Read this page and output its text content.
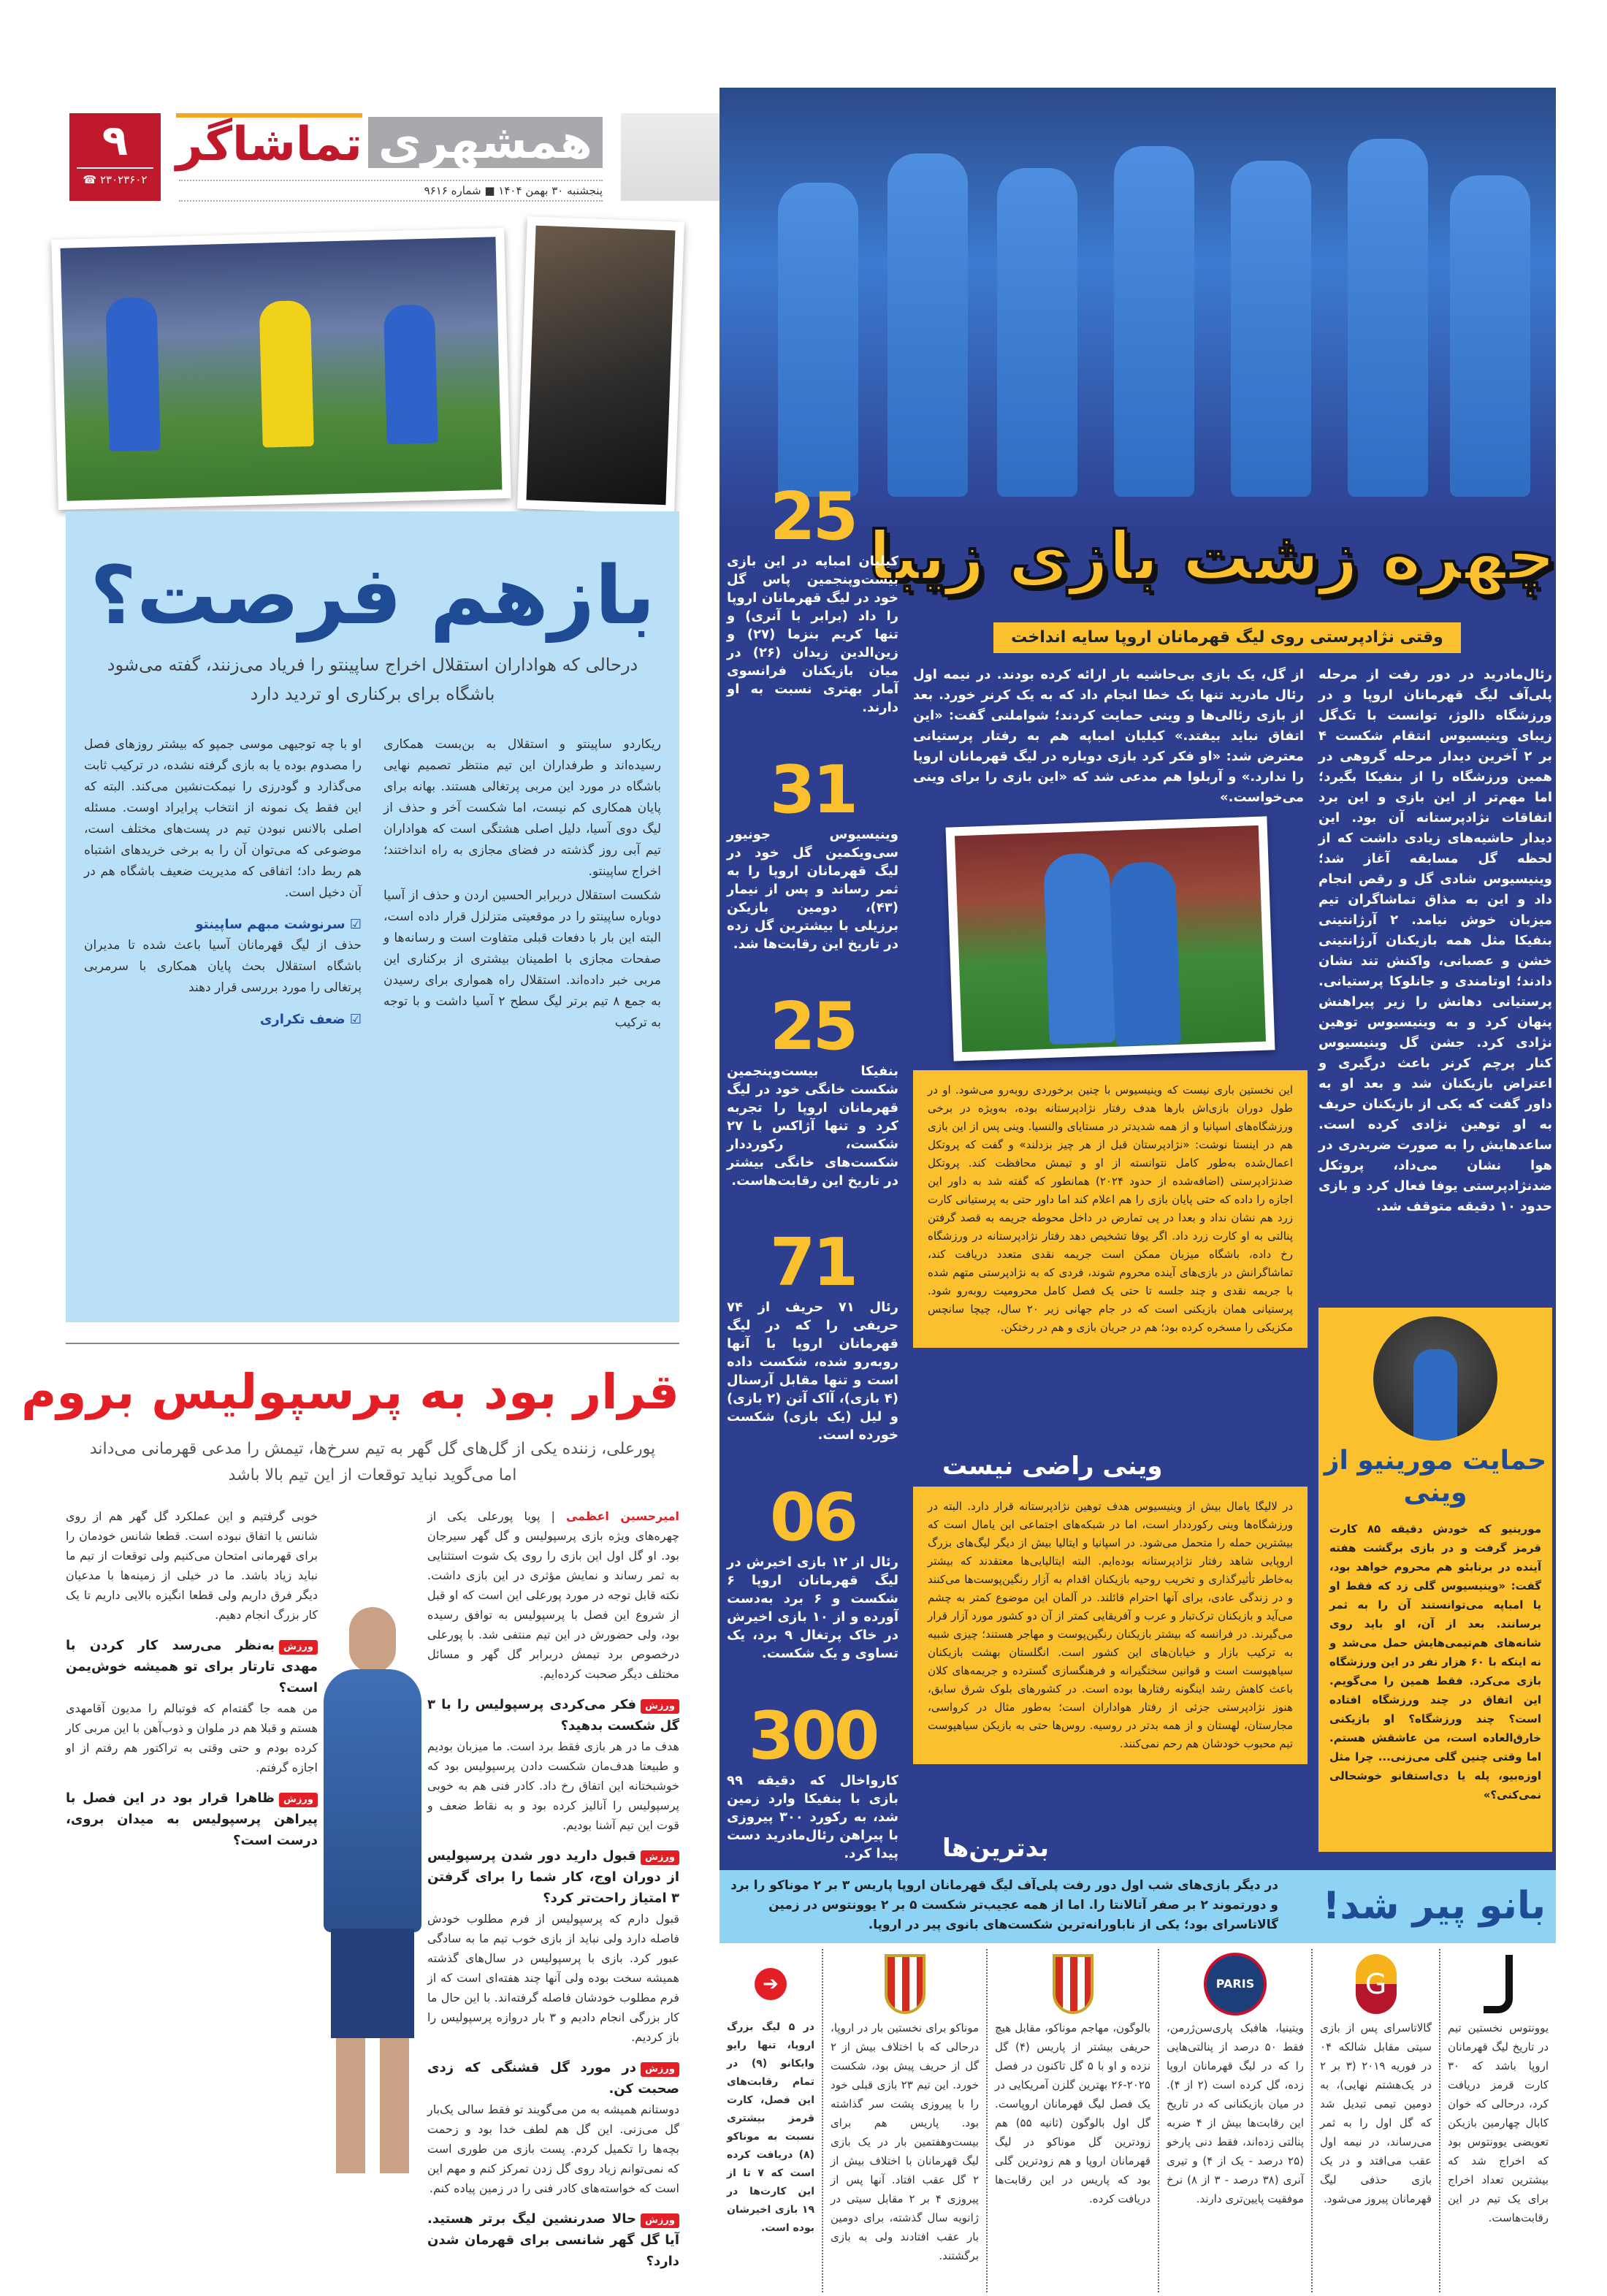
۹
☎ ۲۳۰۲۳۶۰۲
همشهری
تماشاگر
پنجشنبه ۳۰ بهمن ۱۴۰۴ ■ شماره ۹۶۱۶
بازهم فرصت؟
درحالی که هواداران استقلال اخراج ساپینتو را فریاد می‌زنند، گفته می‌شود باشگاه برای برکناری او تردید دارد

ریکاردو ساپینتو و استقلال به بن‌بست همکاری رسیده‌اند و طرفداران این تیم منتظر تصمیم نهایی باشگاه در مورد این مربی پرتغالی هستند. بهانه برای پایان همکاری کم نیست، اما شکست آخر و حذف از لیگ دوی آسیا، دلیل اصلی هشتگی است که هواداران تیم آبی روز گذشته در فضای مجازی به راه انداختند؛ اخراج ساپینتو.

شکست استقلال دربرابر الحسین اردن و حذف از آسیا دوباره ساپینتو را در موقعیتی متزلزل قرار داده است، البته این بار با دفعات قبلی متفاوت است و رسانه‌ها و صفحات مجازی با اطمینان بیشتری از برکناری این مربی خبر داده‌اند. استقلال راه همواری برای رسیدن به جمع ۸ تیم برتر لیگ سطح ۲ آسیا داشت و با توجه به ترکیب

او با چه توجیهی موسی جمپو که بیشتر روزهای فصل را مصدوم بوده یا به بازی گرفته نشده، در ترکیب ثابت می‌گذارد و گودرزی را نیمکت‌نشین می‌کند. البته که این فقط یک نمونه از انتخاب پرایراد اوست. مسئله اصلی بالانس نبودن تیم در پست‌های مختلف است، موضوعی که می‌توان آن را به برخی خریدهای اشتباه هم ربط داد؛ اتفاقی که مدیریت ضعیف باشگاه هم در آن دخیل است.

☑ سرنوشت مبهم ساپینتو

حذف از لیگ قهرمانان آسیا باعث شده تا مدیران باشگاه استقلال بحث پایان همکاری با سرمربی پرتغالی را مورد بررسی قرار دهند

☑ ضعف تکراری
قرار بود به پرسپولیس بروم
پورعلی، زننده یکی از گل‌های گل گهر به تیم سرخ‌ها، تیمش را مدعی قهرمانی می‌داند اما می‌گوید نباید توقعات از این تیم بالا باشد

امیرحسین اعظمی | پویا پورعلی یکی از چهره‌های ویژه بازی پرسپولیس و گل گهر سیرجان بود. او گل اول این بازی را روی یک شوت استثنایی به ثمر رساند و نمایش مؤثری در این بازی داشت. نکته قابل توجه در مورد پورعلی این است که او قبل از شروع این فصل با پرسپولیس به توافق رسیده بود، ولی حضورش در این تیم منتفی شد. با پورعلی درخصوص برد تیمش دربرابر گل گهر و مسائل مختلف دیگر صحبت کرده‌ایم.

ورزشفکر می‌کردی پرسپولیس را با ۳ گل شکست بدهید؟

هدف ما در هر بازی فقط برد است. ما میزبان بودیم و طبیعتا هدف‌مان شکست دادن پرسپولیس بود که خوشبختانه این اتفاق رخ داد. کادر فنی هم به خوبی پرسپولیس را آنالیز کرده بود و به نقاط ضعف و قوت این تیم آشنا بودیم.

ورزشقبول دارید دور شدن پرسپولیس از دوران اوج، کار شما را برای گرفتن ۳ امتیاز راحت‌تر کرد؟

قبول دارم که پرسپولیس از فرم مطلوب خودش فاصله دارد ولی نباید از بازی خوب تیم ما به سادگی عبور کرد. بازی با پرسپولیس در سال‌های گذشته همیشه سخت بوده ولی آنها چند هفته‌ای است که از فرم مطلوب خودشان فاصله گرفته‌اند. با این حال ما کار بزرگی انجام دادیم و ۳ بار دروازه پرسپولیس را باز کردیم.

ورزشدر مورد گل قشنگی که زدی صحبت کن.

دوستانم همیشه به من می‌گویند تو فقط سالی یک‌بار گل می‌زنی. این گل هم لطف خدا بود و زحمت بچه‌ها را تکمیل کردم. پست بازی من طوری است که نمی‌توانم زیاد روی گل زدن تمرکز کنم و مهم این است که خواسته‌های کادر فنی را در زمین پیاده کنم.

ورزشحالا صدرنشین لیگ برتر هستید. آیا گل گهر شانسی برای قهرمان شدن دارد؟

خوبی گرفتیم و این عملکرد گل گهر هم از روی شانس یا اتفاق نبوده است. قطعا شانس خودمان را برای قهرمانی امتحان می‌کنیم ولی توقعات از تیم ما نباید زیاد باشد. ما در خیلی از زمینه‌ها با مدعیان دیگر فرق داریم ولی قطعا انگیزه بالایی داریم تا یک کار بزرگ انجام دهیم.

ورزشبه‌نظر می‌رسد کار کردن با مهدی تارتار برای تو همیشه خوش‌یمن است؟

من همه جا گفته‌ام که فوتبالم را مدیون آقامهدی هستم و قبلا هم در ملوان و ذوب‌آهن با این مربی کار کرده بودم و حتی وقتی به تراکتور هم رفتم از او اجازه گرفتم.

ورزشظاهرا قرار بود در این فصل با پیراهن پرسپولیس به میدان بروی، درست است؟
چهره زشت بازی زیبا
وقتی نژادپرستی روی لیگ قهرمانان اروپا سایه انداخت
25
کیلیان امباپه در این بازی بیست‌وپنجمین پاس گل خود در لیگ قهرمانان اروپا را داد (برابر با آنری) و تنها کریم بنزما (۲۷) و زین‌الدین زیدان (۲۶) در میان بازیکنان فرانسوی آمار بهتری نسبت به او دارند.
31
وینیسیوس جونیور سی‌ویکمین گل خود در لیگ قهرمانان اروپا را به ثمر رساند و پس از نیمار (۴۳)، دومین بازیکن برزیلی با بیشترین گل زده در تاریخ این رقابت‌ها شد.
25
بنفیکا بیست‌وپنجمین شکست خانگی خود در لیگ قهرمانان اروپا را تجربه کرد و تنها آژاکس با ۲۷ شکست، رکورددار شکست‌های خانگی بیشتر در تاریخ این رقابت‌هاست.
71
رئال ۷۱ حریف از ۷۴ حریفی را که در لیگ قهرمانان اروپا با آنها روبه‌رو شده، شکست داده است و تنها مقابل آرسنال (۴ بازی)، آاک آتن (۲ بازی) و لیل (یک بازی) شکست خورده است.
06
رئال از ۱۲ بازی اخیرش در لیگ قهرمانان اروپا ۶ شکست و ۶ برد به‌دست آورده و از ۱۰ بازی اخیرش در خاک پرتغال ۹ برد، یک تساوی و یک شکست.
300
کارواخال که دقیقه ۹۹ بازی با بنفیکا وارد زمین شد، به رکورد ۳۰۰ پیروزی با پیراهن رئال‌مادرید دست پیدا کرد.
رئال‌مادرید در دور رفت از مرحله پلی‌آف لیگ قهرمانان اروپا و در ورزشگاه دالوژ، توانست با تک‌گل زیبای وینیسیوس انتقام شکست ۴ بر ۲ آخرین دیدار مرحله گروهی در همین ورزشگاه را از بنفیکا بگیرد؛ اما مهم‌تر از این بازی و این برد اتفاقات نژادپرستانه آن بود. این دیدار حاشیه‌های زیادی داشت که از لحظه گل مسابقه آغاز شد؛ وینیسیوس شادی گل و رقص انجام داد و این به مذاق تماشاگران تیم میزبان خوش نیامد. ۲ آرژانتینی بنفیکا مثل همه بازیکنان آرژانتینی خشن و عصبانی، واکنش تند نشان دادند؛ اوتامندی و جانلوکا پرستیانی. پرستیانی دهانش را زیر پیراهنش پنهان کرد و به وینیسیوس توهین نژادی کرد. جشن گل وینیسیوس کنار پرچم کرنر باعث درگیری و اعتراض بازیکنان شد و بعد او به داور گفت که یکی از بازیکنان حریف به او توهین نژادی کرده است. ساعدهایش را به صورت ضربدری در هوا نشان می‌داد، پروتکل ضدنژادپرستی یوفا فعال کرد و بازی حدود ۱۰ دقیقه متوقف شد.
از گل، یک بازی بی‌حاشیه بار ارائه کرده بودند. در نیمه اول رئال مادرید تنها یک خطا انجام داد که به یک کرنر خورد. بعد از بازی رئالی‌ها و وینی حمایت کردند؛ شواملنی گفت: «این اتفاق نباید بیفتد.» کیلیان امباپه هم به رفتار پرستیانی معترض شد: «او فکر کرد بازی دوباره در لیگ قهرمانان اروپا را ندارد.» و آربلوا هم مدعی شد که «این بازی را برای وینی می‌خواست.»
این نخستین باری نیست که وینیسیوس با چنین برخوردی روبه‌رو می‌شود. او در طول دوران بازی‌اش بارها هدف رفتار نژادپرستانه بوده، به‌ویژه در برخی ورزشگاه‌های اسپانیا و از همه شدیدتر در مستایای والنسیا. وینی پس از این بازی هم در اینستا نوشت: «نژادپرستان قبل از هر چیز بزدلند» و گفت که پروتکل اعمال‌شده به‌طور کامل نتوانسته از او و تیمش محافظت کند. پروتکل ضدنژادپرستی (اضافه‌شده از حدود ۲۰۲۴) همانطور که گفته شد به داور این اجازه را داده که حتی پایان بازی را هم اعلام کند اما داور حتی به پرستیانی کارت زرد هم نشان نداد و بعدا در پی تمارض در داخل محوطه جریمه به قصد گرفتن پنالتی به او کارت زرد داد. اگر یوفا تشخیص دهد رفتار نژادپرستانه در ورزشگاه رخ داده، باشگاه میزبان ممکن است جریمه نقدی متعدد دریافت کند، تماشاگرانش در بازی‌های آینده محروم شوند، فردی که به نژادپرستی متهم شده با جریمه نقدی و چند جلسه تا حتی یک فصل کامل محرومیت روبه‌رو شود. پرستیانی همان بازیکنی است که در جام جهانی زیر ۲۰ سال، چیچا سانچس مکزیکی را مسخره کرده بود؛ هم در جریان بازی و هم در رختکن.
وینی راضی نیست
در لالیگا یامال بیش از وینیسیوس هدف توهین نژادپرستانه قرار دارد. البته در ورزشگاه‌ها وینی رکورددار است، اما در شبکه‌های اجتماعی این یامال است که بیشترین حمله را متحمل می‌شود. در اسپانیا و ایتالیا بیش از دیگر لیگ‌های بزرگ اروپایی شاهد رفتار نژادپرستانه بوده‌ایم. البته ایتالیایی‌ها معتقدند که بیشتر به‌خاطر تأثیرگذاری و تخریب روحیه بازیکنان اقدام به آزار رنگین‌پوست‌ها می‌کنند و در زندگی عادی، برای آنها احترام قائلند. در آلمان این موضوع کمتر به چشم می‌آید و بازیکنان ترک‌تبار و عرب و آفریقایی کمتر از آن دو کشور مورد آزار قرار می‌گیرند. در فرانسه که بیشتر بازیکنان رنگین‌پوست و مهاجر هستند؛ چیزی شبیه به ترکیب بازار و خیابان‌های این کشور است. انگلستان بهشت بازیکنان سیاهپوست است و قوانین سختگیرانه و فرهنگسازی گسترده و جریمه‌های کلان باعث کاهش رشد اینگونه رفتارها بوده است. در کشورهای بلوک شرق سابق، هنوز نژادپرستی جزئی از رفتار هواداران است؛ به‌طور مثال در کرواسی، مجارستان، لهستان و از همه بدتر در روسیه. روس‌ها حتی به بازیکن سیاهپوست تیم محبوب خودشان هم رحم نمی‌کنند.
بدترین‌ها
حمایت مورینیو از وینی
مورینیو که خودش دقیقه ۸۵ کارت قرمز گرفت و در بازی برگشت هفته آینده در برنابئو هم محروم خواهد بود، گفت: «وینیسیوس گلی زد که فقط او یا امباپه می‌توانستند آن را به ثمر برسانند. بعد از آن، او باید روی شانه‌های هم‌تیمی‌هایش حمل می‌شد و نه اینکه با ۶۰ هزار نفر در این ورزشگاه بازی می‌کرد. فقط همین را می‌گویم. این اتفاق در چند ورزشگاه افتاده است؟ چند ورزشگاه؟ او بازیکنی خارق‌العاده است، من عاشقش هستم. اما وقتی چنین گلی می‌زنی... چرا مثل اوزه‌بیو، پله یا دی‌استفانو خوشحالی نمی‌کنی؟»
بانو پیر شد!
در دیگر بازی‌های شب اول دور رفت پلی‌آف لیگ قهرمانان اروپا پاریس ۳ بر ۲ موناکو را برد و دورتموند ۲ بر صفر آتالانتا را. اما از همه عجیب‌تر شکست ۵ بر ۲ یوونتوس در زمین گالاتاسرای بود؛ یکی از ناباورانه‌ترین شکست‌های بانوی پیر در اروپا.
یوونتوس نخستین تیم در تاریخ لیگ قهرمانان اروپا باشد که ۳۰ کارت قرمز دریافت کرد، درحالی که خوان کابال چهارمین بازیکن تعویضی یوونتوس بود که اخراج شد که بیشترین تعداد اخراج برای یک تیم در این رقابت‌هاست.
G
گالاتاسرای پس از بازی سیتی مقابل شالکه ۰۴ در فوریه ۲۰۱۹ (۳ بر ۲ در یک‌هشتم نهایی)، به دومین تیمی تبدیل شد که گل اول را به ثمر می‌رساند، در نیمه اول عقب می‌افتد و در یک بازی حذفی لیگ قهرمانان پیروز می‌شود.
PARIS
ویتینیا، هافبک پاری‌سن‌ژرمن، فقط ۵۰ درصد از پنالتی‌هایی را که در لیگ قهرمانان اروپا زده، گل کرده است (۲ از ۴). در میان بازیکنانی که در تاریخ این رقابت‌ها بیش از ۴ ضربه پنالتی زده‌اند، فقط دنی پارخو (۲۵ درصد - یک از ۴) و تیری آنری (۳۸ درصد - ۳ از ۸) نرخ موفقیت پایین‌تری دارند.
بالوگون، مهاجم موناکو، مقابل هیچ حریفی بیشتر از پاریس (۴) گل نزده و او با ۵ گل تاکنون در فصل ۲۰۲۵-۲۶ بهترین گلزن آمریکایی در یک فصل لیگ قهرمانان اروپاست. گل اول بالوگون (ثانیه ۵۵) هم زودترین گل موناکو در لیگ قهرمانان اروپا و هم زودترین گلی بود که پاریس در این رقابت‌ها دریافت کرده.
موناکو برای نخستین بار در اروپا، درحالی که با اختلاف بیش از ۲ گل از حریف پیش بود، شکست خورد. این تیم ۲۳ بازی قبلی خود را با پیروزی پشت سر گذاشته بود. پاریس هم برای بیست‌وهفتمین بار در یک بازی لیگ قهرمانان با اختلاف بیش از ۲ گل عقب افتاد. آنها پس از پیروزی ۴ بر ۲ مقابل سیتی در ژانویه سال گذشته، برای دومین بار عقب افتادند ولی به بازی برگشتند.
➔
در ۵ لیگ بزرگ اروپا، تنها رایو وایکانو (۹) در تمام رقابت‌های این فصل، کارت قرمز بیشتری نسبت به موناکو (۸) دریافت کرده است که ۷ تا از این کارت‌ها در ۱۹ بازی اخیرشان بوده است.
